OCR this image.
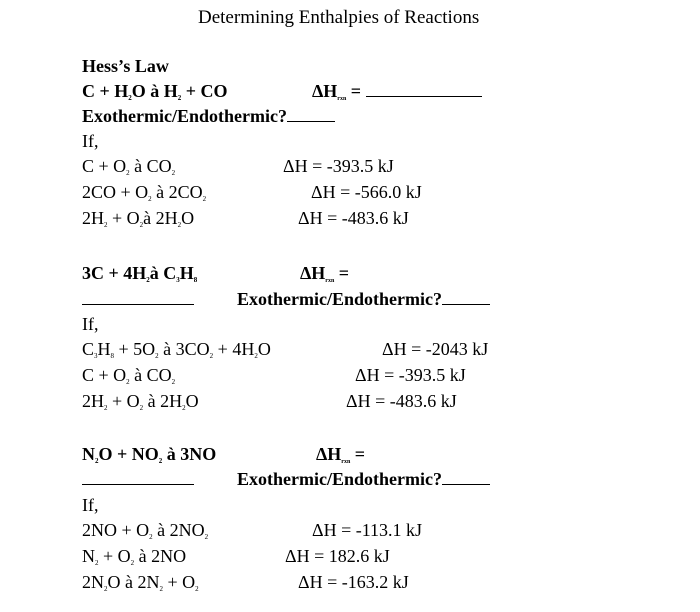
Determining Enthalpies of Reactions
Hess’s Law
$C + H_2O$ à $H_2$ + CO	$\Delta H_{rxn}$ =
Exothermic/Endothermic?
If,
$C + O_2$ à $CO_2$	ΔH = -393.5 kJ
$2CO + O_2$ à $2CO_2$	ΔH = -566.0 kJ
$2H_2$ + $O_2à$ $2H_2O$	ΔH = -483.6 kJ
$3C + 4H_2à$ $C_3H_8$	$\Delta H_{rxn}$ =
Exothermic/Endothermic?
If,
$C_3H_8 + 5O_2$ à $3CO_2 + 4H_2O$	ΔH = -2043 kJ
$C + O_2$ à $CO_2$	ΔH = -393.5 kJ
$2H_2 + O_2$ à $2H_2O$	ΔH = -483.6 kJ
$N_2O + NO_2$ à 3NO	$\Delta H_{rxn}$ =
Exothermic/Endothermic?
If,
$2NO + O_2$ à $2NO_2$	ΔH = -113.1 kJ
$N_2 + O_2$ à 2NO	ΔH = 182.6 kJ
$2N_2O$ à $2N_2 + O_2$	ΔH = -163.2 kJ
